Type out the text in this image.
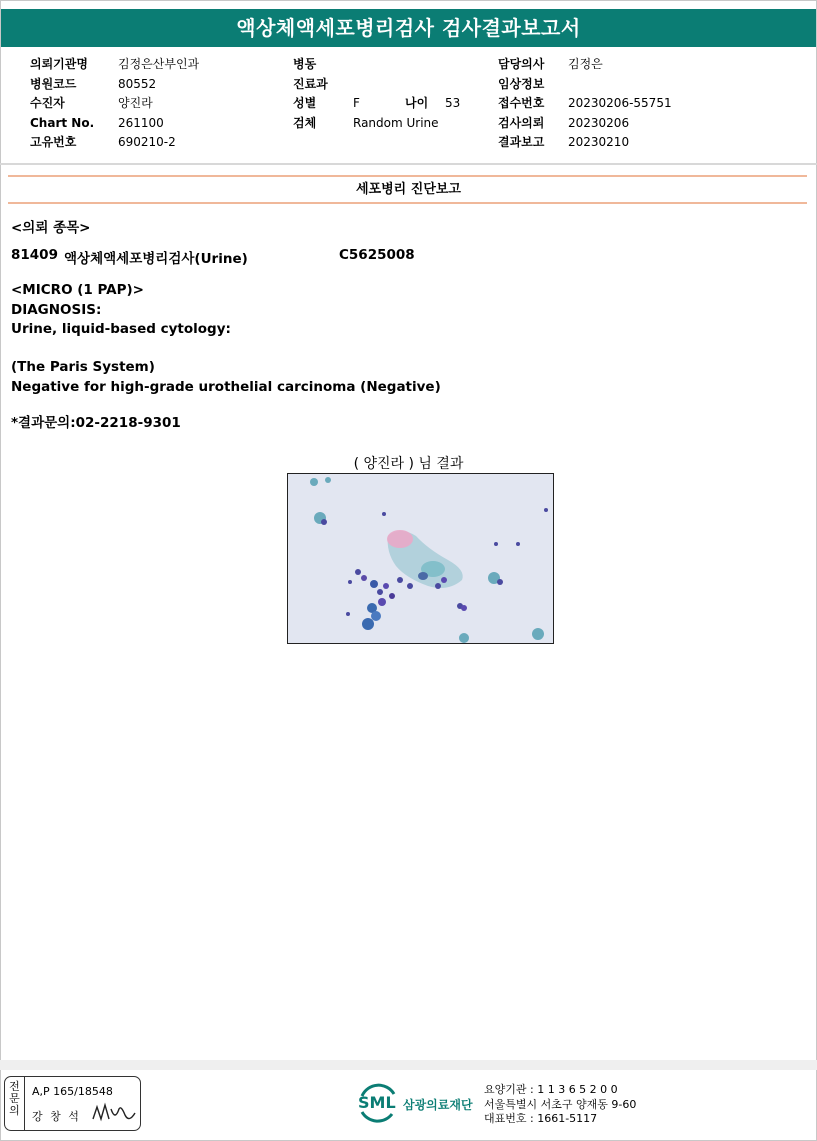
액상체액세포병리검사 검사결과보고서
의뢰기관명	김정은산부인과
병원코드	80552
수진자	양진라
Chart No. 261100
고유번호	690210-2
병동
진료과
성별	F	나이 53
검체	Random Urine
담당의사 김정은
임상정보
접수번호 20230206-55751
검사의뢰 20230206
결과보고 20230210
세포병리 진단보고
<의뢰 종목>
81409 액상체액세포병리검사(Urine)	C5625008
<MICRO (1 PAP)>
DIAGNOSIS:
Urine, liquid-based cytology:
(The Paris System)
Negative for high-grade urothelial carcinoma (Negative)
*결과문의:02-2218-9301
( 양진라 ) 님 결과
전
문
의
A,P 165/18548
강 창 석
SML 삼광의료재단
요양기관 : 1 1 3 6 5 2 0 0
서울특별시 서초구 양재동 9-60
대표번호 : 1661-5117
